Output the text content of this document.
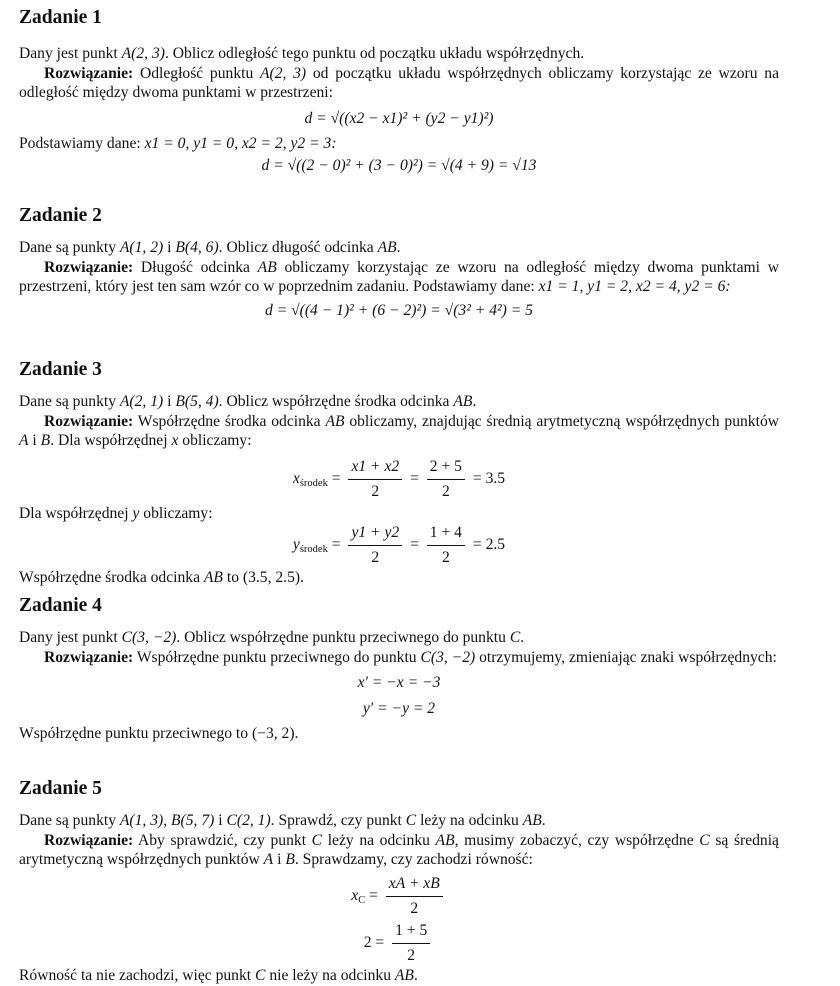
Zadanie 1

Dany jest punkt A(2, 3). Oblicz odległość tego punktu od początku układu współrzędnych.

Rozwiązanie: Odległość punktu A(2, 3) od początku układu współrzędnych obliczamy korzystając ze wzoru na odległość między dwoma punktami w przestrzeni:

d = √((x2 − x1)² + (y2 − y1)²)

Podstawiamy dane: x1 = 0, y1 = 0, x2 = 2, y2 = 3:

d = √((2 − 0)² + (3 − 0)²) = √(4 + 9) = √13
Zadanie 2

Dane są punkty A(1, 2) i B(4, 6). Oblicz długość odcinka AB.

Rozwiązanie: Długość odcinka AB obliczamy korzystając ze wzoru na odległość między dwoma punktami w przestrzeni, który jest ten sam wzór co w poprzednim zadaniu. Podstawiamy dane: x1 = 1, y1 = 2, x2 = 4, y2 = 6:

d = √((4 − 1)² + (6 − 2)²) = √(3² + 4²) = 5
Zadanie 3

Dane są punkty A(2, 1) i B(5, 4). Oblicz współrzędne środka odcinka AB.

Rozwiązanie: Współrzędne środka odcinka AB obliczamy, znajdując średnią arytmetyczną współrzędnych punktów A i B. Dla współrzędnej x obliczamy:

xśrodek = $\frac{x1 + x2}{2} = \frac{2 + 5}{2} = 3.5$

Dla współrzędnej y obliczamy:

yśrodek = $\frac{y1 + y2}{2} = \frac{1 + 4}{2} = 2.5$

Współrzędne środka odcinka AB to (3.5, 2.5).

Zadanie 4

Dany jest punkt C(3, −2). Oblicz współrzędne punktu przeciwnego do punktu C.

Rozwiązanie: Współrzędne punktu przeciwnego do punktu C(3, −2) otrzymujemy, zmieniając znaki współrzędnych:

x′ = −x = −3
y′ = −y = 2

Współrzędne punktu przeciwnego to (−3, 2).

Zadanie 5

Dane są punkty A(1, 3), B(5, 7) i C(2, 1). Sprawdź, czy punkt C leży na odcinku AB.

Rozwiązanie: Aby sprawdzić, czy punkt C leży na odcinku AB, musimy zobaczyć, czy współrzędne C są średnią arytmetyczną współrzędnych punktów A i B. Sprawdzamy, czy zachodzi równość:

xC = $\frac{xA + xB}{2}$
$2 = \frac{1 + 5}{2}$

Równość ta nie zachodzi, więc punkt C nie leży na odcinku AB.
